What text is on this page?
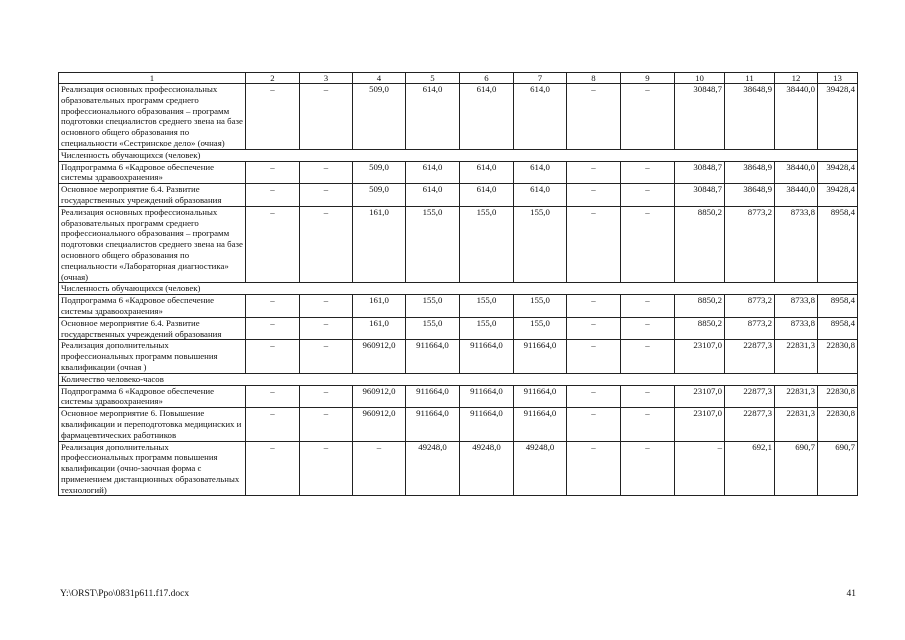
1	2	3	4	5	6	7	8	9	10	11	12	13
Реализация основных профессиональных образовательных программ среднего профессионального образования – программ подготовки специалистов среднего звена на базе основного общего образования по специальности «Сестринское дело» (очная)	–	–	509,0	614,0	614,0	614,0	–	–	30848,7	38648,9	38440,0	39428,4
Численность обучающихся (человек)												
Подпрограмма 6 «Кадровое обеспечение системы здравоохранения»	–	–	509,0	614,0	614,0	614,0	–	–	30848,7	38648,9	38440,0	39428,4
Основное мероприятие 6.4. Развитие государственных учреждений образования	–	–	509,0	614,0	614,0	614,0	–	–	30848,7	38648,9	38440,0	39428,4
Реализация основных профессиональных образовательных программ среднего профессионального образования – программ подготовки специалистов среднего звена на базе основного общего образования по специальности «Лабораторная диагностика» (очная)	–	–	161,0	155,0	155,0	155,0	–	–	8850,2	8773,2	8733,8	8958,4
Численность обучающихся (человек)												
Подпрограмма 6 «Кадровое обеспечение системы здравоохранения»	–	–	161,0	155,0	155,0	155,0	–	–	8850,2	8773,2	8733,8	8958,4
Основное мероприятие 6.4. Развитие государственных учреждений образования	–	–	161,0	155,0	155,0	155,0	–	–	8850,2	8773,2	8733,8	8958,4
Реализация дополнительных профессиональных программ повышения квалификации (очная )	–	–	960912,0	911664,0	911664,0	911664,0	–	–	23107,0	22877,3	22831,3	22830,8
Количество человеко-часов												
Подпрограмма 6 «Кадровое обеспечение системы здравоохранения»	–	–	960912,0	911664,0	911664,0	911664,0	–	–	23107,0	22877,3	22831,3	22830,8
Основное мероприятие 6. Повышение квалификации и переподготовка медицинских и фармацевтических работников	–	–	960912,0	911664,0	911664,0	911664,0	–	–	23107,0	22877,3	22831,3	22830,8
Реализация дополнительных профессиональных программ повышения квалификации (очно-заочная форма с применением дистанционных образовательных технологий)	–	–	–	49248,0	49248,0	49248,0	–	–	–	692,1	690,7	690,7
Y:\ORST\Ppo\0831p611.f17.docx	41
